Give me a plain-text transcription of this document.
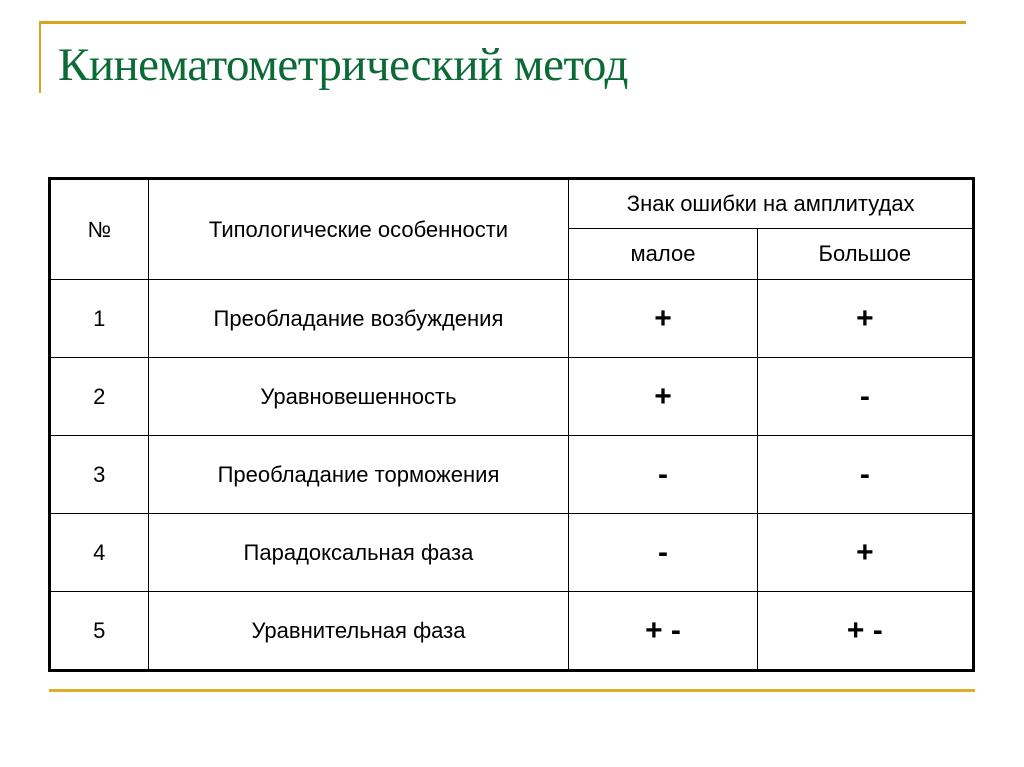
Кинематометрический метод
№	Типологические особенности	Знак ошибки на амплитудах	
		малое	Большое
1	Преобладание возбуждения	+	+
2	Уравновешенность	+	-
3	Преобладание торможения	-	-
4	Парадоксальная фаза	-	+
5	Уравнительная фаза	+ -	+ -
